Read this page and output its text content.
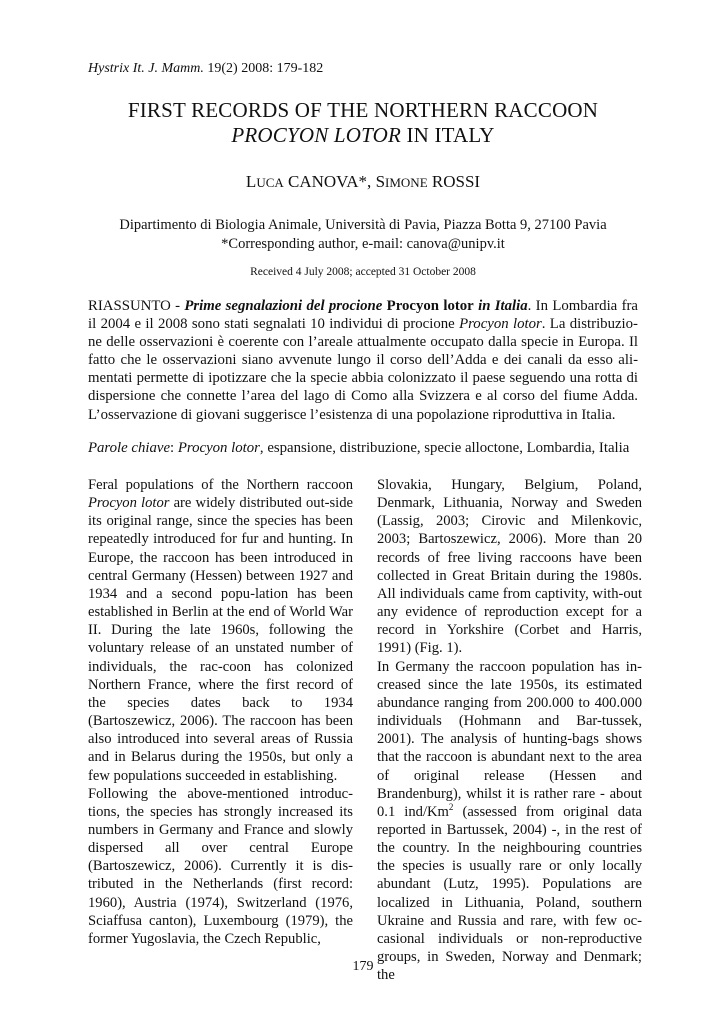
Hystrix It. J. Mamm. 19(2) 2008: 179-182
FIRST RECORDS OF THE NORTHERN RACCOON
PROCYON LOTOR IN ITALY
LUCA CANOVA*, SIMONE ROSSI
Dipartimento di Biologia Animale, Università di Pavia, Piazza Botta 9, 27100 Pavia
*Corresponding author, e-mail: canova@unipv.it
Received 4 July 2008; accepted 31 October 2008
RIASSUNTO - Prime segnalazioni del procione Procyon lotor in Italia. In Lombardia fra il 2004 e il 2008 sono stati segnalati 10 individui di procione Procyon lotor. La distribuzio-ne delle osservazioni è coerente con l’areale attualmente occupato dalla specie in Europa. Il fatto che le osservazioni siano avvenute lungo il corso dell’Adda e dei canali da esso ali-mentati permette di ipotizzare che la specie abbia colonizzato il paese seguendo una rotta di dispersione che connette l’area del lago di Como alla Svizzera e al corso del fiume Adda. L’osservazione di giovani suggerisce l’esistenza di una popolazione riproduttiva in Italia.
Parole chiave: Procyon lotor, espansione, distribuzione, specie alloctone, Lombardia, Italia

Feral populations of the Northern raccoon Procyon lotor are widely distributed out-side its original range, since the species has been repeatedly introduced for fur and hunting. In Europe, the raccoon has been introduced in central Germany (Hessen) between 1927 and 1934 and a second popu-lation has been established in Berlin at the end of World War II. During the late 1960s, following the voluntary release of an unstated number of individuals, the rac-coon has colonized Northern France, where the first record of the species dates back to 1934 (Bartoszewicz, 2006). The raccoon has been also introduced into several areas of Russia and in Belarus during the 1950s, but only a few populations succeeded in establishing.

Following the above-mentioned introduc-tions, the species has strongly increased its numbers in Germany and France and slowly dispersed all over central Europe (Bartoszewicz, 2006). Currently it is dis-tributed in the Netherlands (first record: 1960), Austria (1974), Switzerland (1976, Sciaffusa canton), Luxembourg (1979), the former Yugoslavia, the Czech Republic,

Slovakia, Hungary, Belgium, Poland, Denmark, Lithuania, Norway and Sweden (Lassig, 2003; Cirovic and Milenkovic, 2003; Bartoszewicz, 2006). More than 20 records of free living raccoons have been collected in Great Britain during the 1980s. All individuals came from captivity, with-out any evidence of reproduction except for a record in Yorkshire (Corbet and Harris, 1991) (Fig. 1).

In Germany the raccoon population has in-creased since the late 1950s, its estimated abundance ranging from 200.000 to 400.000 individuals (Hohmann and Bar-tussek, 2001). The analysis of hunting-bags shows that the raccoon is abundant next to the area of original release (Hessen and Brandenburg), whilst it is rather rare - about 0.1 ind/Km$^2$ (assessed from original data reported in Bartussek, 2004) -, in the rest of the country. In the neighbouring countries the species is usually rare or only locally abundant (Lutz, 1995). Populations are localized in Lithuania, Poland, southern Ukraine and Russia and rare, with few oc-casional individuals or non-reproductive groups, in Sweden, Norway and Denmark; the

179
